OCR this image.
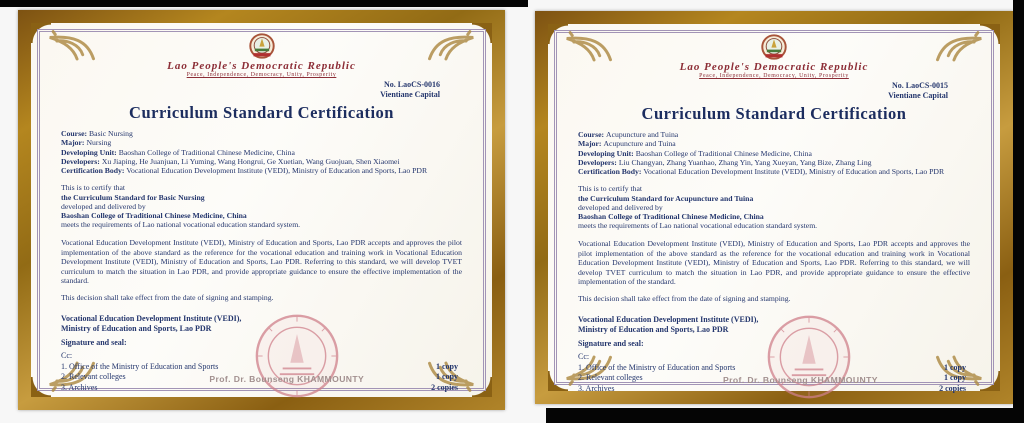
Lao People's Democratic Republic
Peace, Independence, Democracy, Unity, Prosperity
No. LaoCS-0016
Vientiane Capital
Curriculum Standard Certification
Course: Basic Nursing
Major: Nursing
Developing Unit: Baoshan College of Traditional Chinese Medicine, China
Developers: Xu Jiaping, He Juanjuan, Li Yuming, Wang Hongrui, Ge Xuetian, Wang Guojuan, Shen Xiaomei
Certification Body: Vocational Education Development Institute (VEDI), Ministry of Education and Sports, Lao PDR
This is to certify that
the Curriculum Standard for Basic Nursing
developed and delivered by
Baoshan College of Traditional Chinese Medicine, China
meets the requirements of Lao national vocational education standard system.
Vocational Education Development Institute (VEDI), Ministry of Education and Sports, Lao PDR accepts and approves the pilot implementation of the above standard as the reference for the vocational education and training work in Vocational Education Development Institute (VEDI), Ministry of Education and Sports, Lao PDR. Referring to this standard, we will develop TVET curriculum to match the situation in Lao PDR, and provide appropriate guidance to ensure the effective implementation of the standard.
This decision shall take effect from the date of signing and stamping.
Vocational Education Development Institute (VEDI),
Ministry of Education and Sports, Lao PDR
Signature and seal:
Cc:
1. Office of the Ministry of Education and Sports	1 copy
2. Relevant colleges	1 copy
3. Archives	2 copies
Prof. Dr. Bounseng KHAMMOUNTY
Lao People's Democratic Republic
Peace, Independence, Democracy, Unity, Prosperity
No. LaoCS-0015
Vientiane Capital
Curriculum Standard Certification
Course: Acupuncture and Tuina
Major: Acupuncture and Tuina
Developing Unit: Baoshan College of Traditional Chinese Medicine, China
Developers: Liu Changyan, Zhang Yuanhao, Zhang Yin, Yang Xueyan, Yang Bize, Zhang Ling
Certification Body: Vocational Education Development Institute (VEDI), Ministry of Education and Sports, Lao PDR
This is to certify that
the Curriculum Standard for Acupuncture and Tuina
developed and delivered by
Baoshan College of Traditional Chinese Medicine, China
meets the requirements of Lao national vocational education standard system.
Vocational Education Development Institute (VEDI), Ministry of Education and Sports, Lao PDR accepts and approves the pilot implementation of the above standard as the reference for the vocational education and training work in Vocational Education Development Institute (VEDI), Ministry of Education and Sports, Lao PDR. Referring to this standard, we will develop TVET curriculum to match the situation in Lao PDR, and provide appropriate guidance to ensure the effective implementation of the standard.
This decision shall take effect from the date of signing and stamping.
Vocational Education Development Institute (VEDI),
Ministry of Education and Sports, Lao PDR
Signature and seal:
Cc:
1. Office of the Ministry of Education and Sports	1 copy
2. Relevant colleges	1 copy
3. Archives	2 copies
Prof. Dr. Bounseng KHAMMOUNTY
